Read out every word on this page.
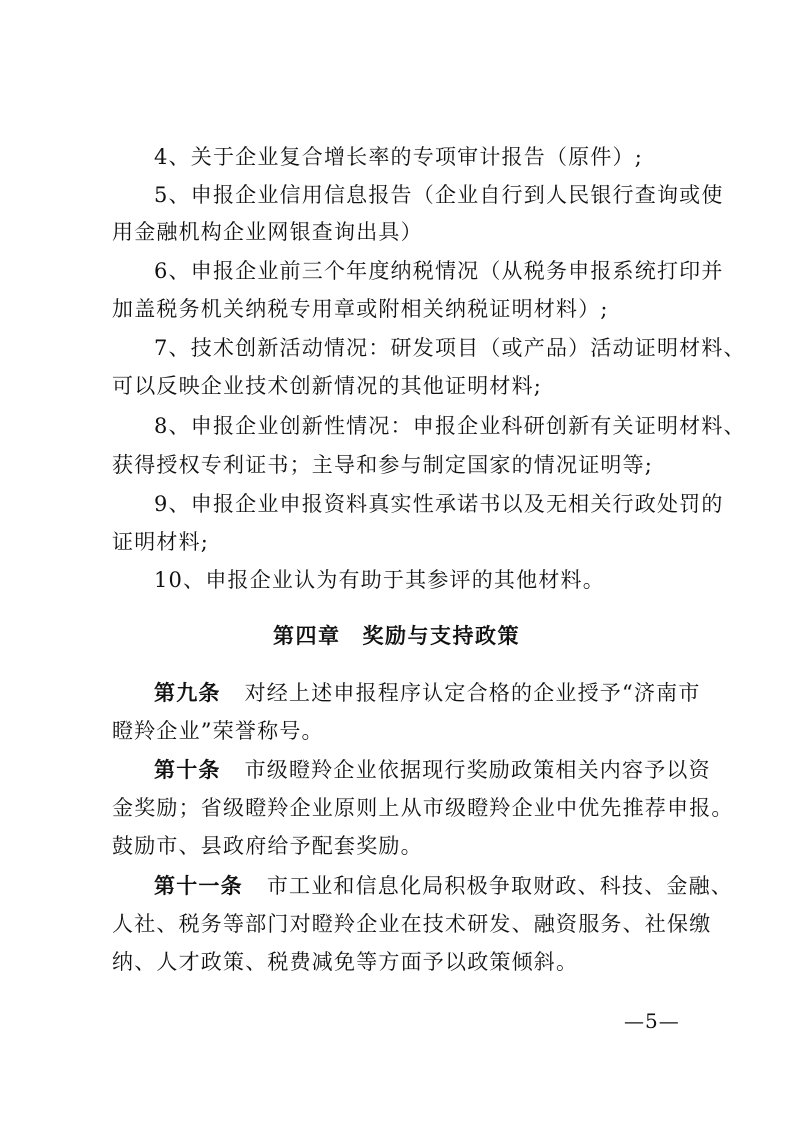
4、关于企业复合增长率的专项审计报告（原件）;
5、申报企业信用信息报告（企业自行到人民银行查询或使
用金融机构企业网银查询出具）
6、申报企业前三个年度纳税情况（从税务申报系统打印并
加盖税务机关纳税专用章或附相关纳税证明材料）;
7、技术创新活动情况：研发项目（或产品）活动证明材料、
可以反映企业技术创新情况的其他证明材料;
8、申报企业创新性情况：申报企业科研创新有关证明材料、
获得授权专利证书；主导和参与制定国家的情况证明等;
9、申报企业申报资料真实性承诺书以及无相关行政处罚的
证明材料;
10、申报企业认为有助于其参评的其他材料。
第四章 奖励与支持政策
第九条 对经上述申报程序认定合格的企业授予“济南市
瞪羚企业”荣誉称号。
第十条 市级瞪羚企业依据现行奖励政策相关内容予以资
金奖励；省级瞪羚企业原则上从市级瞪羚企业中优先推荐申报。
鼓励市、县政府给予配套奖励。
第十一条 市工业和信息化局积极争取财政、科技、金融、
人社、税务等部门对瞪羚企业在技术研发、融资服务、社保缴
纳、人才政策、税费减免等方面予以政策倾斜。
—5—
